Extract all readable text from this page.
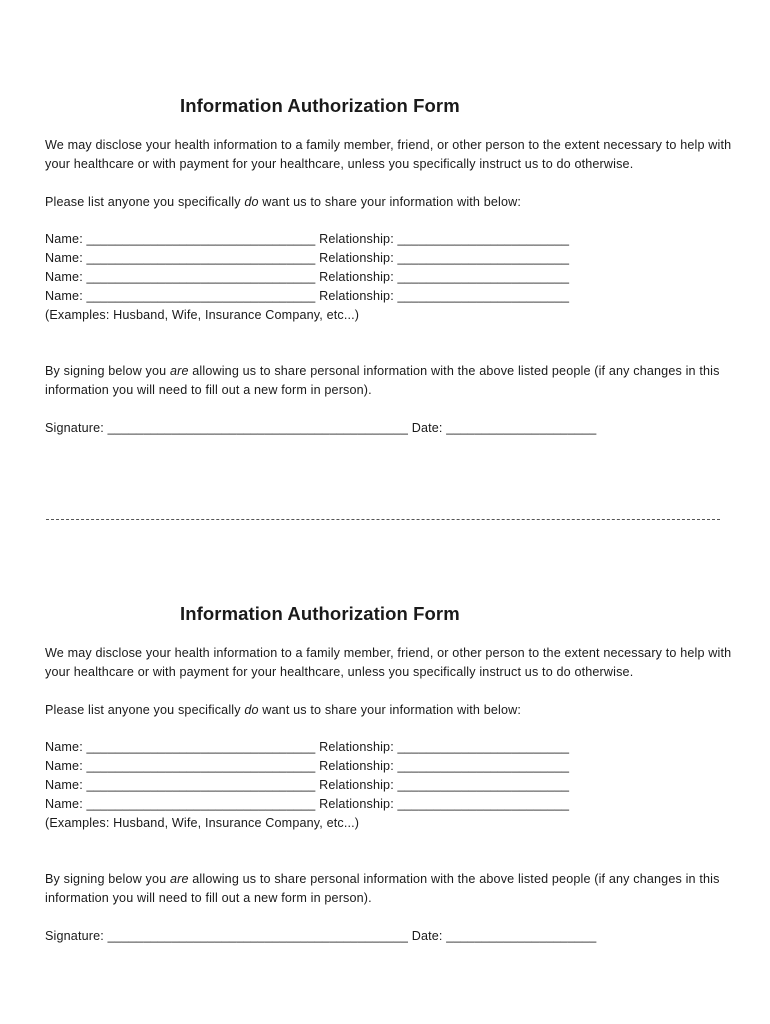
Information Authorization Form

We may disclose your health information to a family member, friend, or other person to the extent necessary to help with your healthcare or with payment for your healthcare, unless you specifically instruct us to do otherwise.

Please list anyone you specifically do want us to share your information with below:

Name: ________________________________ Relationship: ________________________
Name: ________________________________ Relationship: ________________________
Name: ________________________________ Relationship: ________________________
Name: ________________________________ Relationship: ________________________
(Examples: Husband, Wife, Insurance Company, etc...)

By signing below you are allowing us to share personal information with the above listed people (if any changes in this information you will need to fill out a new form in person).

Signature: __________________________________________ Date: _____________________
Information Authorization Form

We may disclose your health information to a family member, friend, or other person to the extent necessary to help with your healthcare or with payment for your healthcare, unless you specifically instruct us to do otherwise.

Please list anyone you specifically do want us to share your information with below:

Name: ________________________________ Relationship: ________________________
Name: ________________________________ Relationship: ________________________
Name: ________________________________ Relationship: ________________________
Name: ________________________________ Relationship: ________________________
(Examples: Husband, Wife, Insurance Company, etc...)

By signing below you are allowing us to share personal information with the above listed people (if any changes in this information you will need to fill out a new form in person).

Signature: __________________________________________ Date: _____________________
